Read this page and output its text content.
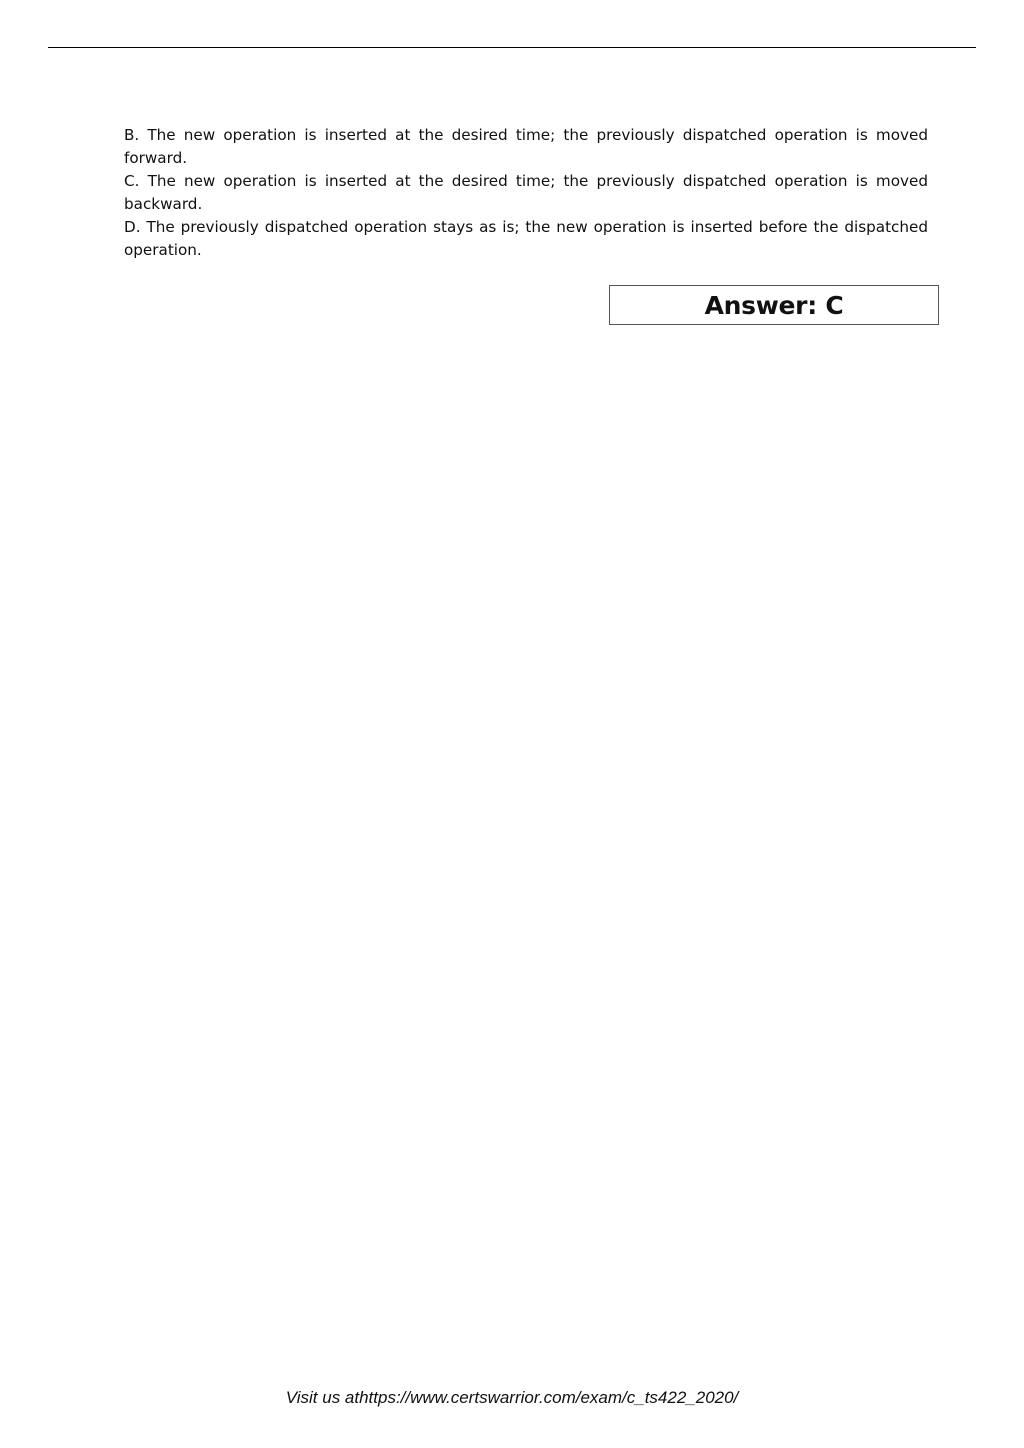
B. The new operation is inserted at the desired time; the previously dispatched operation is moved forward.

C. The new operation is inserted at the desired time; the previously dispatched operation is moved backward.

D. The previously dispatched operation stays as is; the new operation is inserted before the dispatched operation.

Answer: C
Visit us athttps://www.certswarrior.com/exam/c_ts422_2020/
